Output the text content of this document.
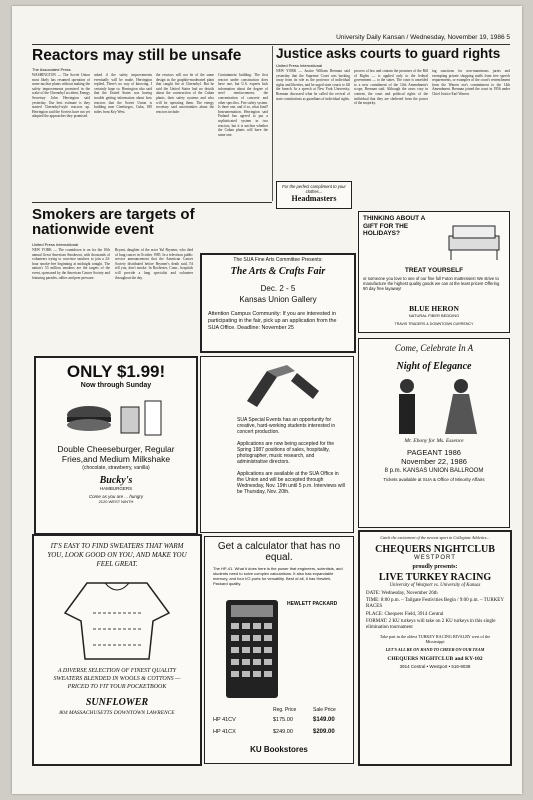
University Daily Kansan / Wednesday, November 19, 1986 5
Reactors may still be unsafe
The Associated Press
WASHINGTON — The Soviet Union most likely has resumed operation of some nuclear plants without making the safety improvements promised in the wake of the Chernobyl accident, Energy Secretary John Herrington said yesterday. Our best estimate is they started Chernobyl-style reactors up. Herrington said the Soviets have not yet adopted the approaches they promised.
asked if the safety improvements eventually will be made, Herrington replied, There's no way of knowing. I certainly hope so. Herrington also said that the United States was having trouble getting information about how reactors that the Soviet Union is building near Cienfuegos, Cuba, 180 miles from Key West.
the reactors will not be of the same design as the graphite-moderated plant that caught fire at Chernobyl. But he said the United States had no details about the construction of the Cuban plants, their safety systems and who will be operating them. The energy secretary said uncertainties about the reactors include:
Containment building. The first reactor under construction does have one, but U.S. experts lack information about the degree of steel reinforcement, the concentration of concrete and other specifics. Fire safety system. Is there one, and if so, what kind? Instrumentation. Herrington said Finland has agreed to put a sophisticated system in two reactors, but it is unclear whether the Cuban plants will have the same one.
Justice asks courts to guard rights
United Press International
NEW YORK — Justice William Brennan said yesterday that the Supreme Court was backing away from its role as the protector of individual rights and liberties, and he urged state courts to fill the breach. In a speech at New York University, Brennan discussed what he called the revival of state constitutions as guardians of individual rights.
process of law and contain the promises of the Bill of Rights — is applied only to the federal government — to the states. The court is unsettled to a new curtailment of the 14th Amendment's scope, Brennan said. Although the cases vary in content, the court and political rights of the individual that they are sheltered from the power of the majority.
ing sanctions for non-unanimous juries and exempting private shopping malls from free speech requirements, or examples of the court's retrenchment from the Warren era's commitment to the 14th Amendment. Brennan joined the court in 1956 under Chief Justice Earl Warren.
For the perfect compliment to your clothes...
Headmasters
Smokers are targets of nationwide event
United Press International
NEW YORK — The countdown is on for the 10th annual Great American Smokeout, with thousands of volunteers trying to convince smokers to join a 24-hour smoke-free beginning at midnight tonight. The nation's 53 million smokers are the targets of the event, sponsored by the American Cancer Society and featuring parades, rallies and peer pressure.
Bryant, daughter of the actor Yul Brynner, who died of lung cancer in October 1985. In a television public service announcement that the American Cancer Society distributed before Brynner's death said, I'd tell you, don't smoke. In Rochester, Conn., hospitals will provide a lung specialist and volunteer throughout the day.
The SUA Fine Arts Committee Presents:
The Arts & Crafts Fair
Dec. 2 - 5
Kansas Union Gallery
Attention Campus Community: If you are interested in participating in the fair, pick up an application from the SUA Office. Deadline: November 25
THINKING ABOUT A GIFT FOR THE HOLIDAYS?
TREAT YOURSELF
or someone you love to one of our fine full Futon mattresses! We strive to manufacture the highest quality goods we can at the least prices! Offering 90 day free layaway!
BLUE HERON
NATURAL FIBER BEDDING
TRAVIS TRADERS & DOWNTOWN CURRENCY
ONLY $1.99!
Now through Sunday
Double Cheeseburger, Regular Fries,and Medium Milkshake
(chocolate, strawberry, vanilla)
Bucky's
HAMBURGERS
Come as you are ... hungry
2120 WEST NINTH
SUA Special Events has an opportunity for creative, hard-working students interested in concert production.
Applications are now being accepted for the Spring 1987 positions of sales, hospitality, photographer, music research, and administrative directors.
Applications are available at the SUA Office in the Union and will be accepted through Wednesday, Nov. 19th until 5 p.m. Interviews will be Thursday, Nov. 20th.
Come, Celebrate In A
Night of Elegance
Mr. Ebony for Ms. Essence
PAGEANT 1986
November 22, 1986
8 p.m. KANSAS UNION BALLROOM
Tickets available at SUA & Office of Minority Affairs
IT'S EASY TO FIND SWEATERS THAT WARM YOU, LOOK GOOD ON YOU, AND MAKE YOU FEEL GREAT.
A DIVERSE SELECTION OF FINEST QUALITY SWEATERS BLENDED IN WOOLS & COTTONS — PRICED TO FIT YOUR POCKETBOOK
SUNFLOWER
804 MASSACHUSETTS DOWNTOWN LAWRENCE
Get a calculator that has no equal.
The HP-41. What it does here is the power that engineers, scientists, and students need to solve complex calculations. It also has expandable memory, and four I/O ports for versatility. Best of all, it has Hewlett-Packard quality.
HEWLETT PACKARD
Reg. Price	Sale Price
HP 41CV	$175.00	$149.00
HP 41CX	$249.00	$209.00
KU Bookstores
Catch the excitement of the newest sport in Collegiate Athletics...
CHEQUERS NIGHTCLUB
WESTPORT
proudly presents:
LIVE TURKEY RACING
University of Westport vs. University of Kansas
DATE: Wednesday, November 26th
TIME: 8:00 p.m. – Tailgate Festivities Begin / 9:00 p.m. – TURKEY RACES
PLACE: Chequers Field, 3914 Central
FORMAT: 2 KU turkeys will take on 2 KU turkeys in this single elimination tournament
Take part in the oldest TURKEY RACING RIVALRY west of the Mississippi
LET'S ALL BE ON HAND TO CHEER ON OUR TEAM
CHEQUERS NIGHTCLUB and KY-102
3914 Central • Westport • 516-9038
